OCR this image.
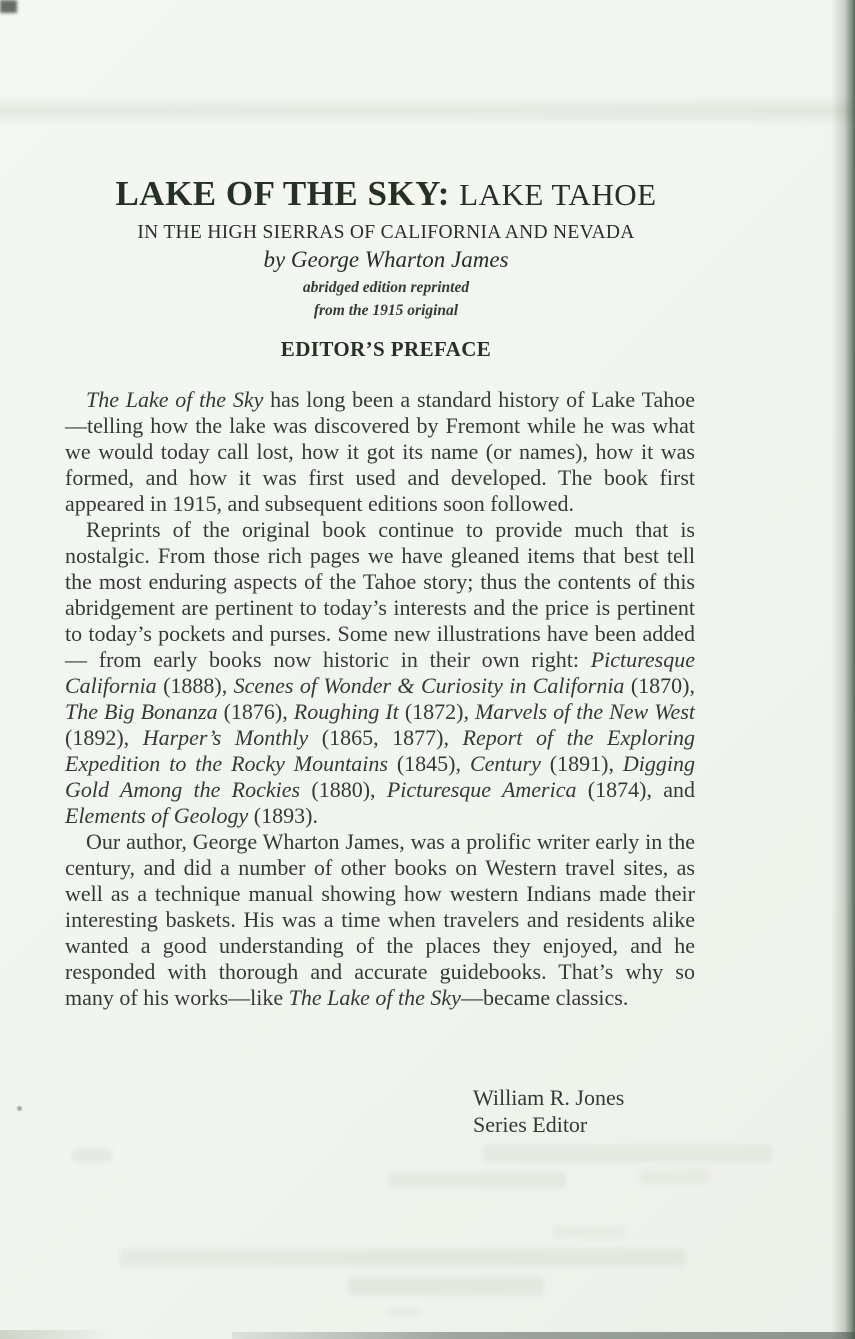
LAKE OF THE SKY: LAKE TAHOE
IN THE HIGH SIERRAS OF CALIFORNIA AND NEVADA
by George Wharton James
abridged edition reprinted
from the 1915 original
EDITOR’S PREFACE

The Lake of the Sky has long been a standard history of Lake Tahoe—telling how the lake was discovered by Fremont while he was what we would today call lost, how it got its name (or names), how it was formed, and how it was first used and developed. The book first appeared in 1915, and subsequent editions soon followed.

Reprints of the original book continue to provide much that is nostalgic. From those rich pages we have gleaned items that best tell the most enduring aspects of the Tahoe story; thus the contents of this abridgement are pertinent to today’s interests and the price is pertinent to today’s pockets and purses. Some new illustrations have been added— from early books now historic in their own right: Picturesque California (1888), Scenes of Wonder & Curiosity in California (1870), The Big Bonanza (1876), Roughing It (1872), Marvels of the New West (1892), Harper’s Monthly (1865, 1877), Report of the Exploring Expedition to the Rocky Mountains (1845), Century (1891), Digging Gold Among the Rockies (1880), Picturesque America (1874), and Elements of Geology (1893).

Our author, George Wharton James, was a prolific writer early in the century, and did a number of other books on Western travel sites, as well as a technique manual showing how western Indians made their interesting baskets. His was a time when travelers and residents alike wanted a good understanding of the places they enjoyed, and he responded with thorough and accurate guidebooks. That’s why so many of his works—like The Lake of the Sky—became classics.

William R. Jones
Series Editor
